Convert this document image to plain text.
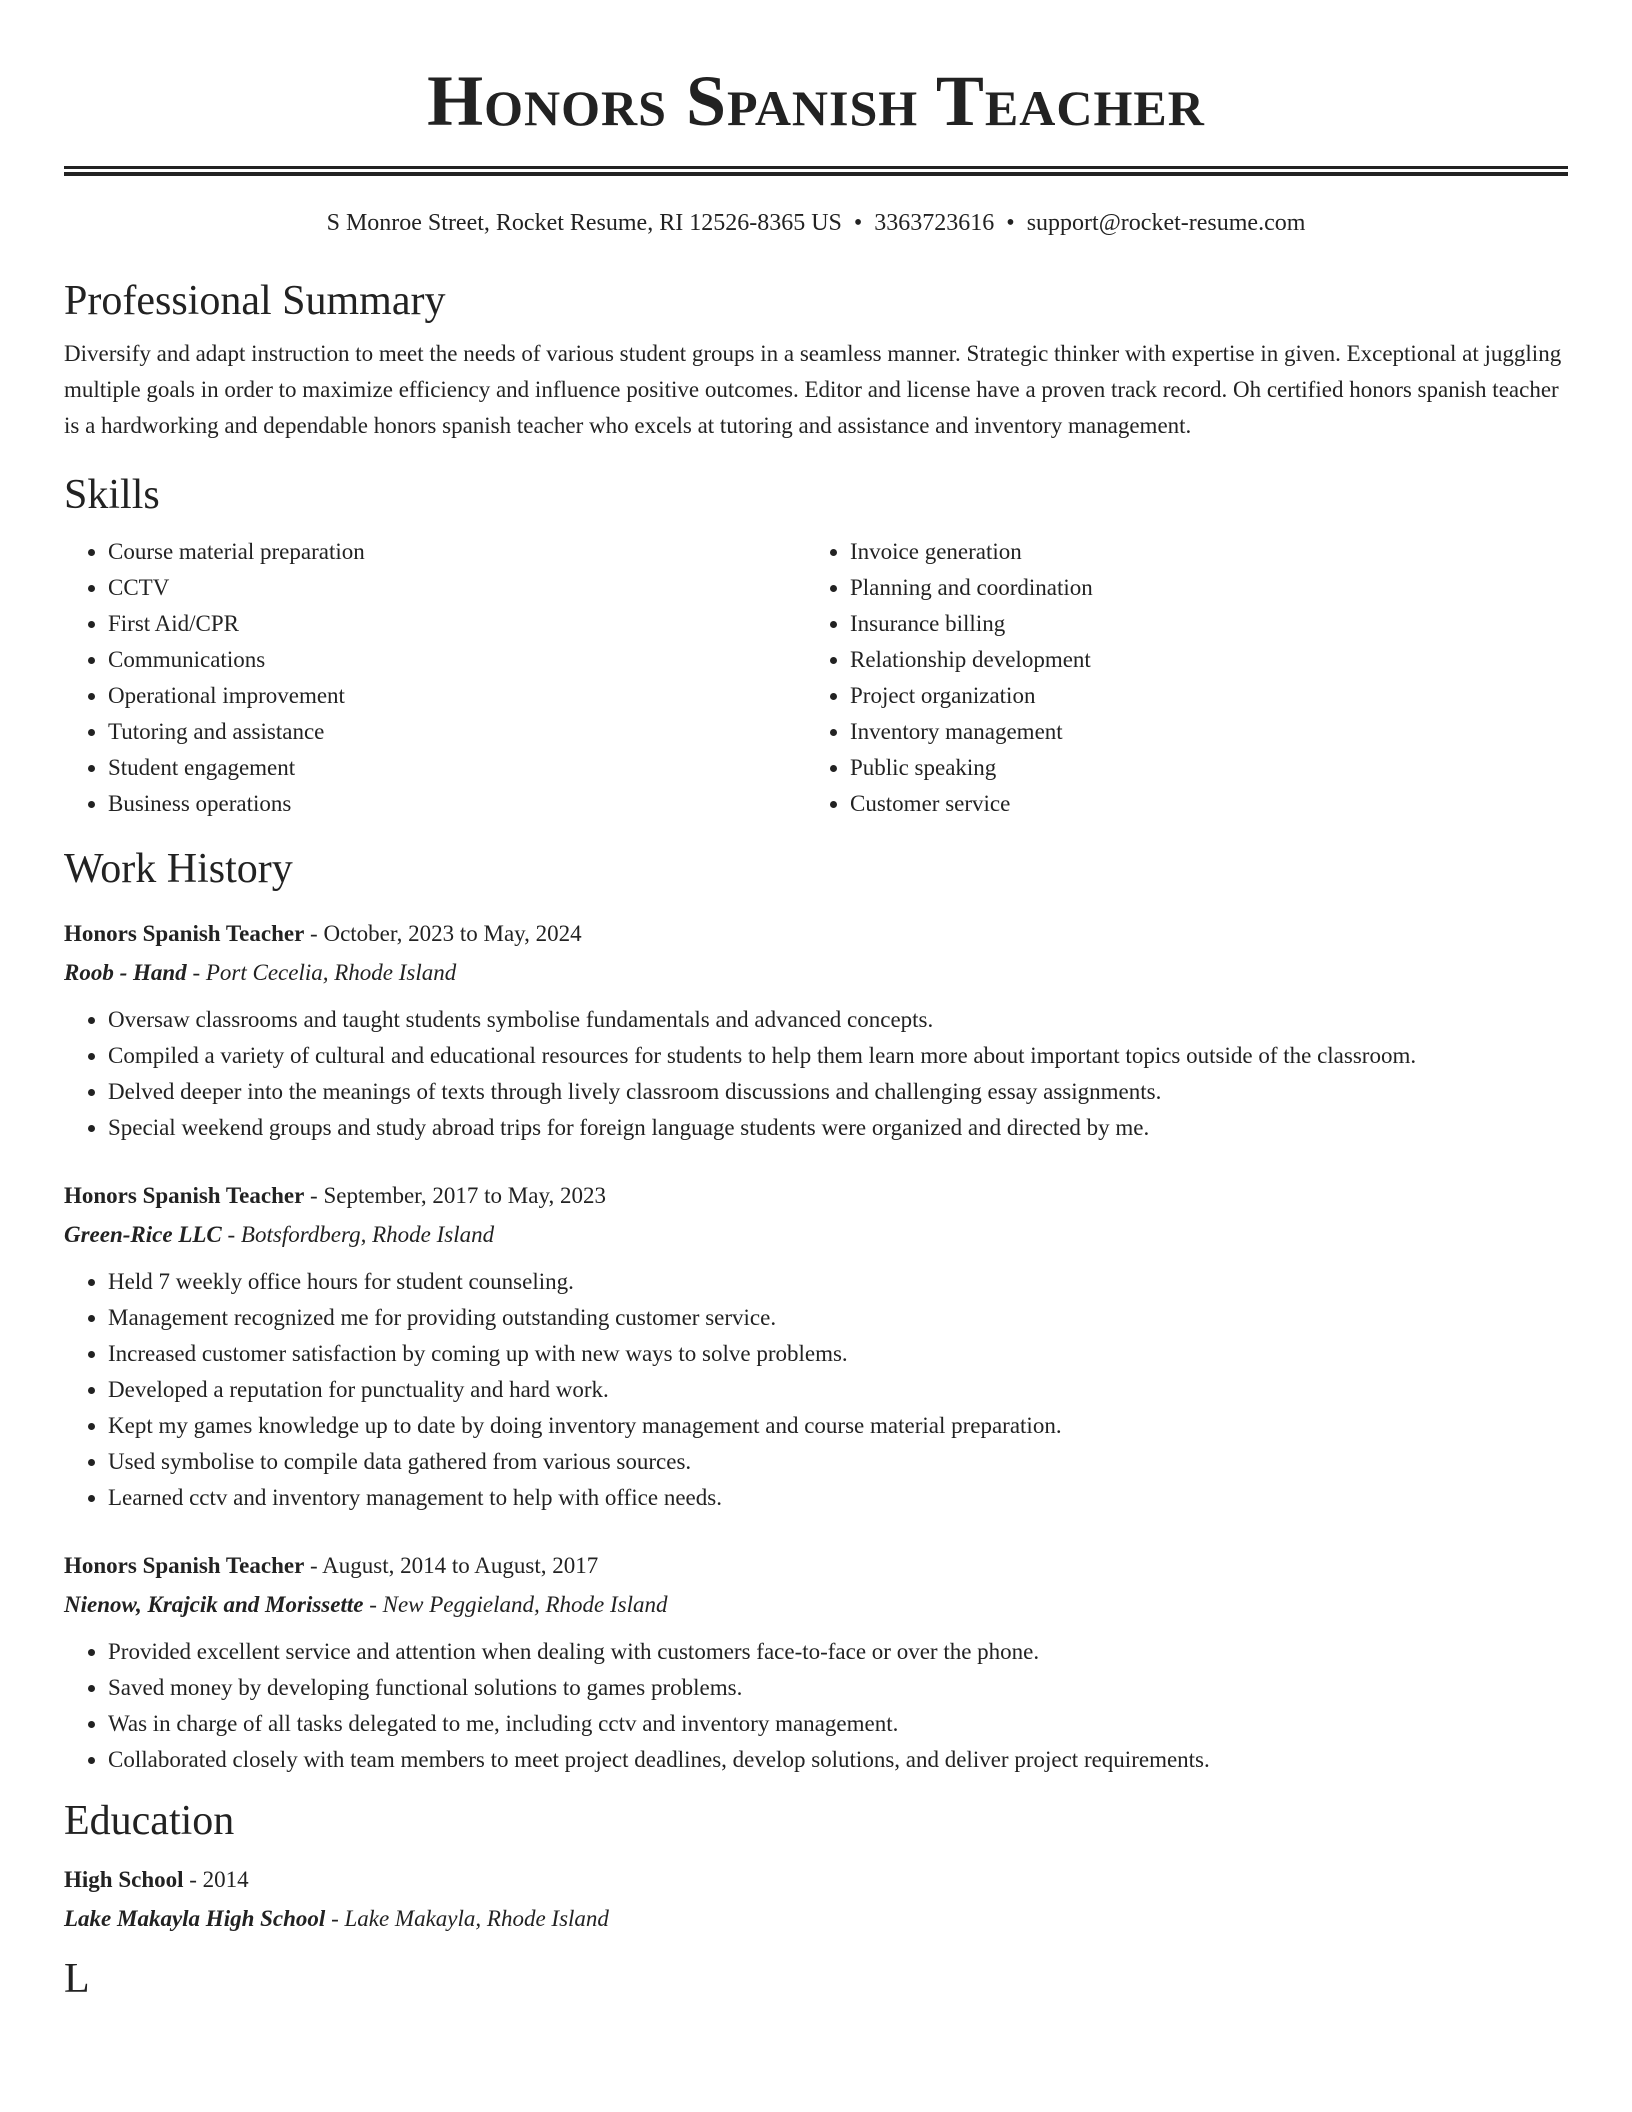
Honors Spanish Teacher
S Monroe Street, Rocket Resume, RI 12526-8365 US • 3363723616 • support@rocket-resume.com
Professional Summary

Diversify and adapt instruction to meet the needs of various student groups in a seamless manner. Strategic thinker with expertise in given. Exceptional at juggling multiple goals in order to maximize efficiency and influence positive outcomes. Editor and license have a proven track record. Oh certified honors spanish teacher is a hardworking and dependable honors spanish teacher who excels at tutoring and assistance and inventory management.

Skills
• Course material preparation
• CCTV
• First Aid/CPR
• Communications
• Operational improvement
• Tutoring and assistance
• Student engagement
• Business operations
• Invoice generation
• Planning and coordination
• Insurance billing
• Relationship development
• Project organization
• Inventory management
• Public speaking
• Customer service
Work History

Honors Spanish Teacher - October, 2023 to May, 2024

Roob - Hand - Port Cecelia, Rhode Island

• Oversaw classrooms and taught students symbolise fundamentals and advanced concepts.
• Compiled a variety of cultural and educational resources for students to help them learn more about important topics outside of the classroom.
• Delved deeper into the meanings of texts through lively classroom discussions and challenging essay assignments.
• Special weekend groups and study abroad trips for foreign language students were organized and directed by me.

Honors Spanish Teacher - September, 2017 to May, 2023

Green-Rice LLC - Botsfordberg, Rhode Island

• Held 7 weekly office hours for student counseling.
• Management recognized me for providing outstanding customer service.
• Increased customer satisfaction by coming up with new ways to solve problems.
• Developed a reputation for punctuality and hard work.
• Kept my games knowledge up to date by doing inventory management and course material preparation.
• Used symbolise to compile data gathered from various sources.
• Learned cctv and inventory management to help with office needs.

Honors Spanish Teacher - August, 2014 to August, 2017

Nienow, Krajcik and Morissette - New Peggieland, Rhode Island

• Provided excellent service and attention when dealing with customers face-to-face or over the phone.
• Saved money by developing functional solutions to games problems.
• Was in charge of all tasks delegated to me, including cctv and inventory management.
• Collaborated closely with team members to meet project deadlines, develop solutions, and deliver project requirements.
Education

High School - 2014

Lake Makayla High School - Lake Makayla, Rhode Island

L
